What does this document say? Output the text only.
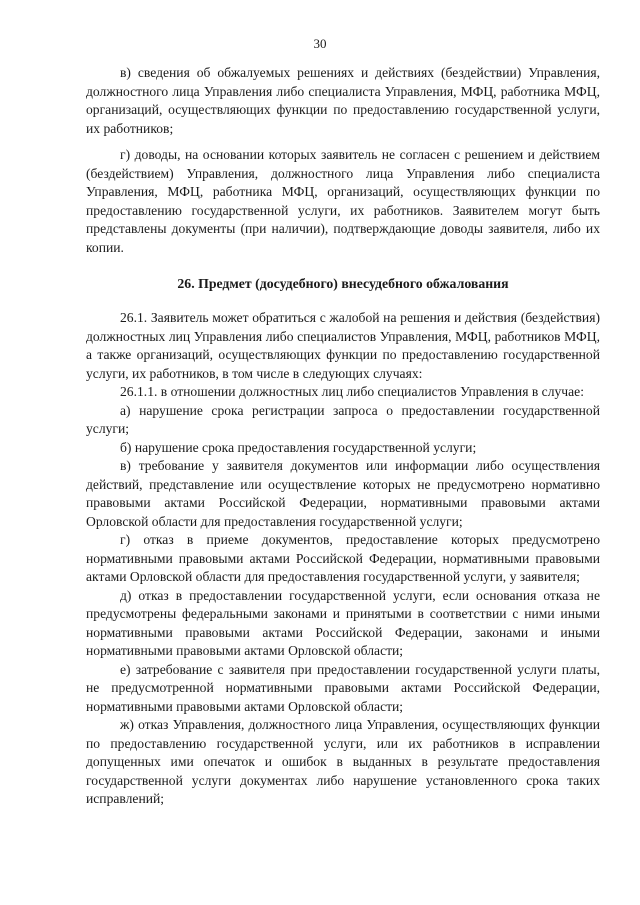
30

в) сведения об обжалуемых решениях и действиях (бездействии) Управления, должностного лица Управления либо специалиста Управления, МФЦ, работника МФЦ, организаций, осуществляющих функции по предоставлению государственной услуги, их работников;

г) доводы, на основании которых заявитель не согласен с решением и действием (бездействием) Управления, должностного лица Управления либо специалиста Управления, МФЦ, работника МФЦ, организаций, осуществляющих функции по предоставлению государственной услуги, их работников. Заявителем могут быть представлены документы (при наличии), подтверждающие доводы заявителя, либо их копии.

26. Предмет (досудебного) внесудебного обжалования

26.1. Заявитель может обратиться с жалобой на решения и действия (бездействия) должностных лиц Управления либо специалистов Управления, МФЦ, работников МФЦ, а также организаций, осуществляющих функции по предоставлению государственной услуги, их работников, в том числе в следующих случаях:

26.1.1. в отношении должностных лиц либо специалистов Управления в случае:

а) нарушение срока регистрации запроса о предоставлении государственной услуги;

б) нарушение срока предоставления государственной услуги;

в) требование у заявителя документов или информации либо осуществления действий, представление или осуществление которых не предусмотрено нормативно правовыми актами Российской Федерации, нормативными правовыми актами Орловской области для предоставления государственной услуги;

г) отказ в приеме документов, предоставление которых предусмотрено нормативными правовыми актами Российской Федерации, нормативными правовыми актами Орловской области для предоставления государственной услуги, у заявителя;

д) отказ в предоставлении государственной услуги, если основания отказа не предусмотрены федеральными законами и принятыми в соответствии с ними иными нормативными правовыми актами Российской Федерации, законами и иными нормативными правовыми актами Орловской области;

е) затребование с заявителя при предоставлении государственной услуги платы, не предусмотренной нормативными правовыми актами Российской Федерации, нормативными правовыми актами Орловской области;

ж) отказ Управления, должностного лица Управления, осуществляющих функции по предоставлению государственной услуги, или их работников в исправлении допущенных ими опечаток и ошибок в выданных в результате предоставления государственной услуги документах либо нарушение установленного срока таких исправлений;
